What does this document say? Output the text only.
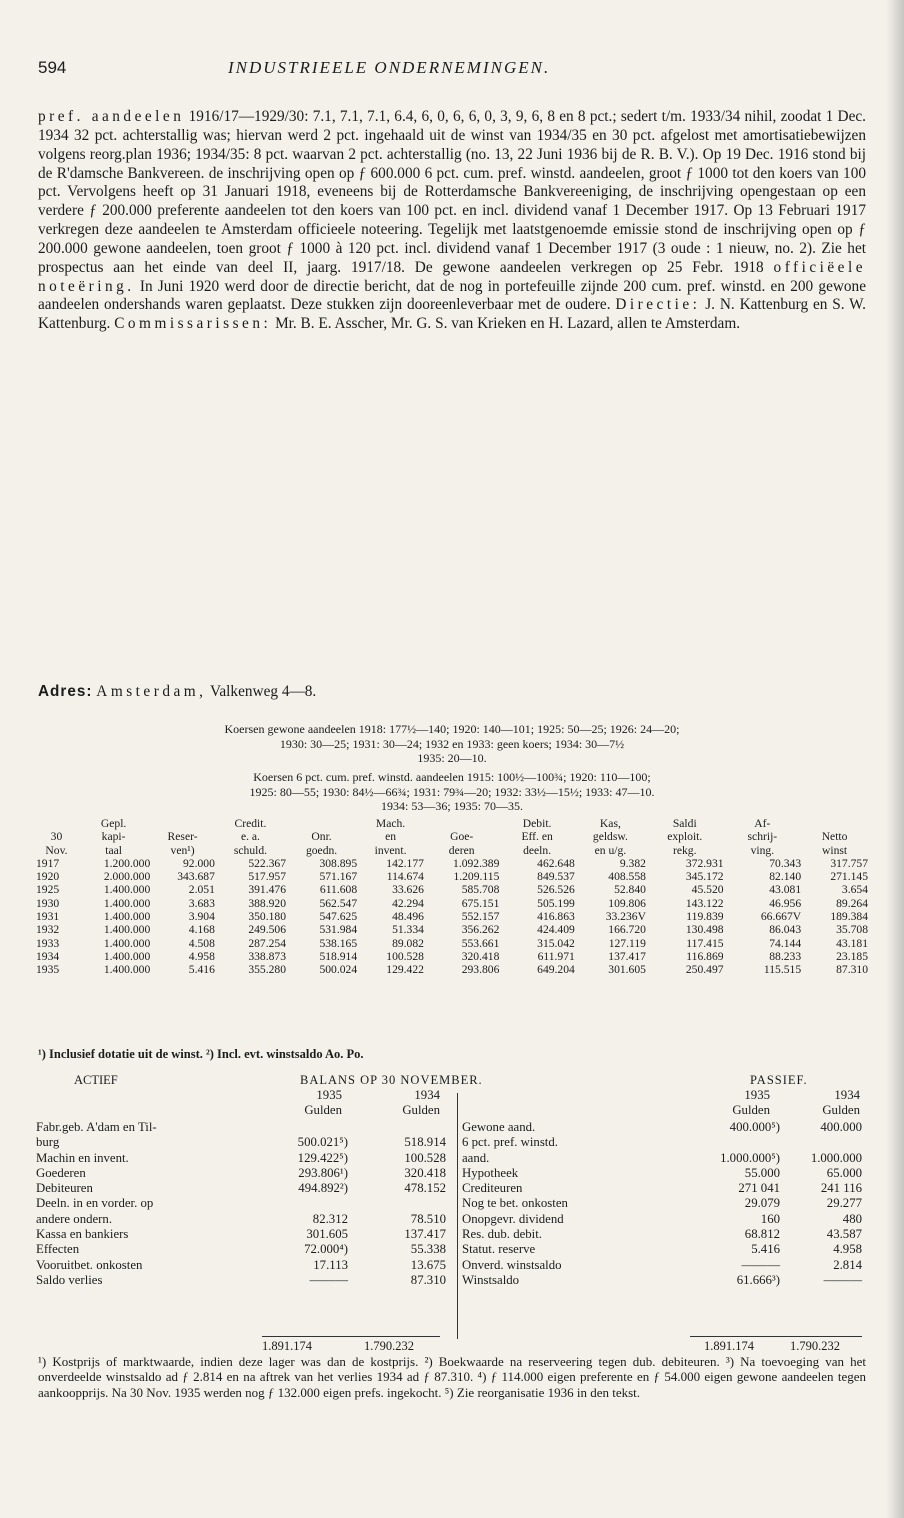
594	INDUSTRIEELE ONDERNEMINGEN.

pref. aandeelen 1916/17—1929/30: 7.1, 7.1, 7.1, 6.4, 6, 0, 6, 6, 0, 3, 9, 6, 8 en 8 pct.; sedert t/m. 1933/34 nihil, zoodat 1 Dec. 1934 32 pct. achterstallig was; hiervan werd 2 pct. ingehaald uit de winst van 1934/35 en 30 pct. afgelost met amortisatiebewijzen volgens reorg.plan 1936; 1934/35: 8 pct. waarvan 2 pct. achterstallig (no. 13, 22 Juni 1936 bij de R. B. V.). Op 19 Dec. 1916 stond bij de R'damsche Bankvereen. de inschrijving open op ƒ 600.000 6 pct. cum. pref. winstd. aandeelen, groot ƒ 1000 tot den koers van 100 pct. Vervolgens heeft op 31 Januari 1918, eveneens bij de Rotterdamsche Bankvereeniging, de inschrijving opengestaan op een verdere ƒ 200.000 preferente aandeelen tot den koers van 100 pct. en incl. dividend vanaf 1 December 1917. Op 13 Februari 1917 verkregen deze aandeelen te Amsterdam officieele noteering. Tegelijk met laatstgenoemde emissie stond de inschrijving open op ƒ 200.000 gewone aandeelen, toen groot ƒ 1000 à 120 pct. incl. dividend vanaf 1 December 1917 (3 oude : 1 nieuw, no. 2). Zie het prospectus aan het einde van deel II, jaarg. 1917/18. De gewone aandeelen verkregen op 25 Febr. 1918 officiëele noteëring. In Juni 1920 werd door de directie bericht, dat de nog in portefeuille zijnde 200 cum. pref. winstd. en 200 gewone aandeelen ondershands waren geplaatst. Deze stukken zijn dooreenleverbaar met de oudere. Directie: J. N. Kattenburg en S. W. Kattenburg. Commissarissen: Mr. B. E. Asscher, Mr. G. S. van Krieken en H. Lazard, allen te Amsterdam.

Adres: Amsterdam, Valkenweg 4—8.
Koersen gewone aandeelen 1918: 177½—140; 1920: 140—101; 1925: 50—25; 1926: 24—20;
1930: 30—25; 1931: 30—24; 1932 en 1933: geen koers; 1934: 30—7½
1935: 20—10.
Koersen 6 pct. cum. pref. winstd. aandeelen 1915: 100½—100¾; 1920: 110—100;
1925: 80—55; 1930: 84½—66¾; 1931: 79¾—20; 1932: 33½—15½; 1933: 47—10.
1934: 53—36; 1935: 70—35.
	Gepl.		Credit.		Mach.		Debit.	Kas,	Saldi	Af-	
30	kapi-	Reser-	e. a.	Onr.	en	Goe-	Eff. en	geldsw.	exploit.	schrij-	Netto
Nov.	taal	ven¹)	schuld.	goedn.	invent.	deren	deeln.	en u/g.	rekg.	ving.	winst
1917	1.200.000	92.000	522.367	308.895	142.177	1.092.389	462.648	9.382	372.931	70.343	317.757
1920	2.000.000	343.687	517.957	571.167	114.674	1.209.115	849.537	408.558	345.172	82.140	271.145
1925	1.400.000	2.051	391.476	611.608	33.626	585.708	526.526	52.840	45.520	43.081	3.654
1930	1.400.000	3.683	388.920	562.547	42.294	675.151	505.199	109.806	143.122	46.956	89.264
1931	1.400.000	3.904	350.180	547.625	48.496	552.157	416.863	33.236V	119.839	66.667V	189.384
1932	1.400.000	4.168	249.506	531.984	51.334	356.262	424.409	166.720	130.498	86.043	35.708
1933	1.400.000	4.508	287.254	538.165	89.082	553.661	315.042	127.119	117.415	74.144	43.181
1934	1.400.000	4.958	338.873	518.914	100.528	320.418	611.971	137.417	116.869	88.233	23.185
1935	1.400.000	5.416	355.280	500.024	129.422	293.806	649.204	301.605	250.497	115.515	87.310
¹) Inclusief dotatie uit de winst. ²) Incl. evt. winstsaldo Ao. Po.
ACTIEF	BALANS OP 30 NOVEMBER.	PASSIEF.
1935	1934
Gulden	Gulden
1935	1934
Gulden	Gulden
Fabr.geb. A'dam en Til-		
burg	500.021⁵)	518.914
Machin en invent.	129.422⁵)	100.528
Goederen	293.806¹)	320.418
Debiteuren	494.892²)	478.152
Deeln. in en vorder. op		
andere ondern.	82.312	78.510
Kassa en bankiers	301.605	137.417
Effecten	72.000⁴)	55.338
Vooruitbet. onkosten	17.113	13.675
Saldo verlies	———	87.310
Gewone aand.	400.000⁵)	400.000
6 pct. pref. winstd.		
aand.	1.000.000⁵)	1.000.000
Hypotheek	55.000	65.000
Crediteuren	271 041	241 116
Nog te bet. onkosten	29.079	29.277
Onopgevr. dividend	160	480
Res. dub. debit.	68.812	43.587
Statut. reserve	5.416	4.958
Onverd. winstsaldo	———	2.814
Winstsaldo	61.666³)	———
1.891.174	1.790.232	1.891.174	1.790.232
¹) Kostprijs of marktwaarde, indien deze lager was dan de kostprijs. ²) Boekwaarde na reserveering tegen dub. debiteuren. ³) Na toevoeging van het onverdeelde winstsaldo ad ƒ 2.814 en na aftrek van het verlies 1934 ad ƒ 87.310. ⁴) ƒ 114.000 eigen preferente en ƒ 54.000 eigen gewone aandeelen tegen aankoopprijs. Na 30 Nov. 1935 werden nog ƒ 132.000 eigen prefs. ingekocht. ⁵) Zie reorganisatie 1936 in den tekst.
